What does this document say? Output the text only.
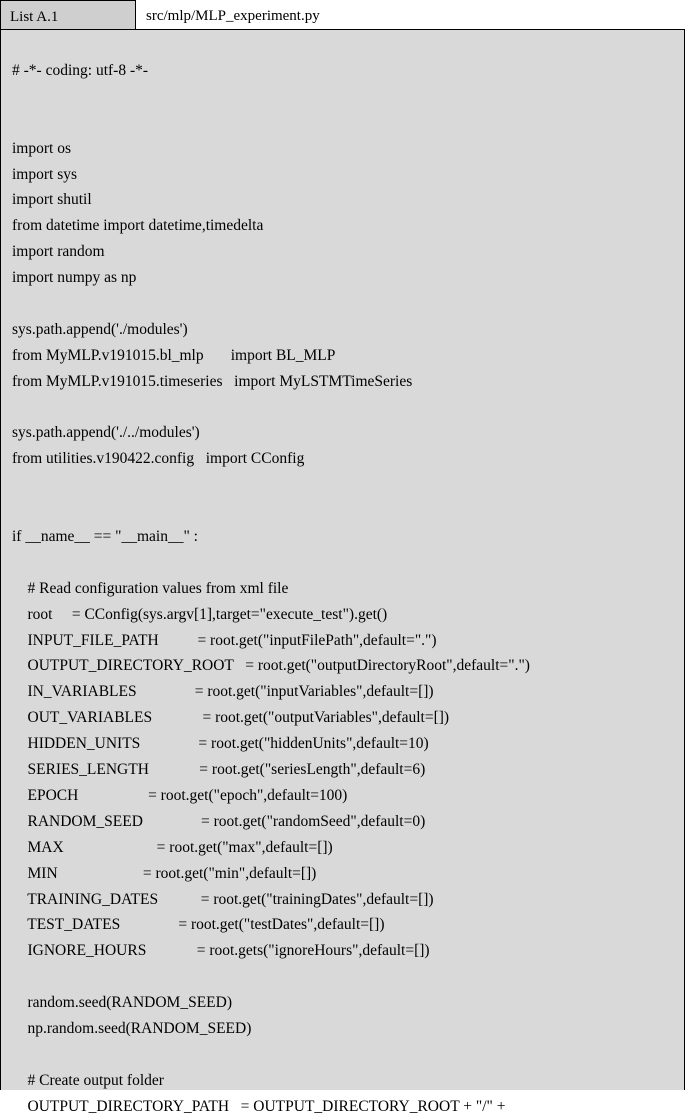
List A.1	src/mlp/MLP_experiment.py
# -*- coding: utf-8 -*-
import os
import sys
import shutil
from datetime import datetime,timedelta
import random
import numpy as np
sys.path.append('./modules')
from MyMLP.v191015.bl_mlp       import BL_MLP
from MyMLP.v191015.timeseries   import MyLSTMTimeSeries
sys.path.append('./../modules')
from utilities.v190422.config   import CConfig
if __name__ == "__main__" :
# Read configuration values from xml file
root     = CConfig(sys.argv[1],target="execute_test").get()
INPUT_FILE_PATH          = root.get("inputFilePath",default=".")
OUTPUT_DIRECTORY_ROOT   = root.get("outputDirectoryRoot",default=".")
IN_VARIABLES               = root.get("inputVariables",default=[])
OUT_VARIABLES             = root.get("outputVariables",default=[])
HIDDEN_UNITS               = root.get("hiddenUnits",default=10)
SERIES_LENGTH             = root.get("seriesLength",default=6)
EPOCH                  = root.get("epoch",default=100)
RANDOM_SEED               = root.get("randomSeed",default=0)
MAX                        = root.get("max",default=[])
MIN                      = root.get("min",default=[])
TRAINING_DATES           = root.get("trainingDates",default=[])
TEST_DATES               = root.get("testDates",default=[])
IGNORE_HOURS             = root.gets("ignoreHours",default=[])
random.seed(RANDOM_SEED)
np.random.seed(RANDOM_SEED)
# Create output folder
OUTPUT_DIRECTORY_PATH   = OUTPUT_DIRECTORY_ROOT + "/" +
